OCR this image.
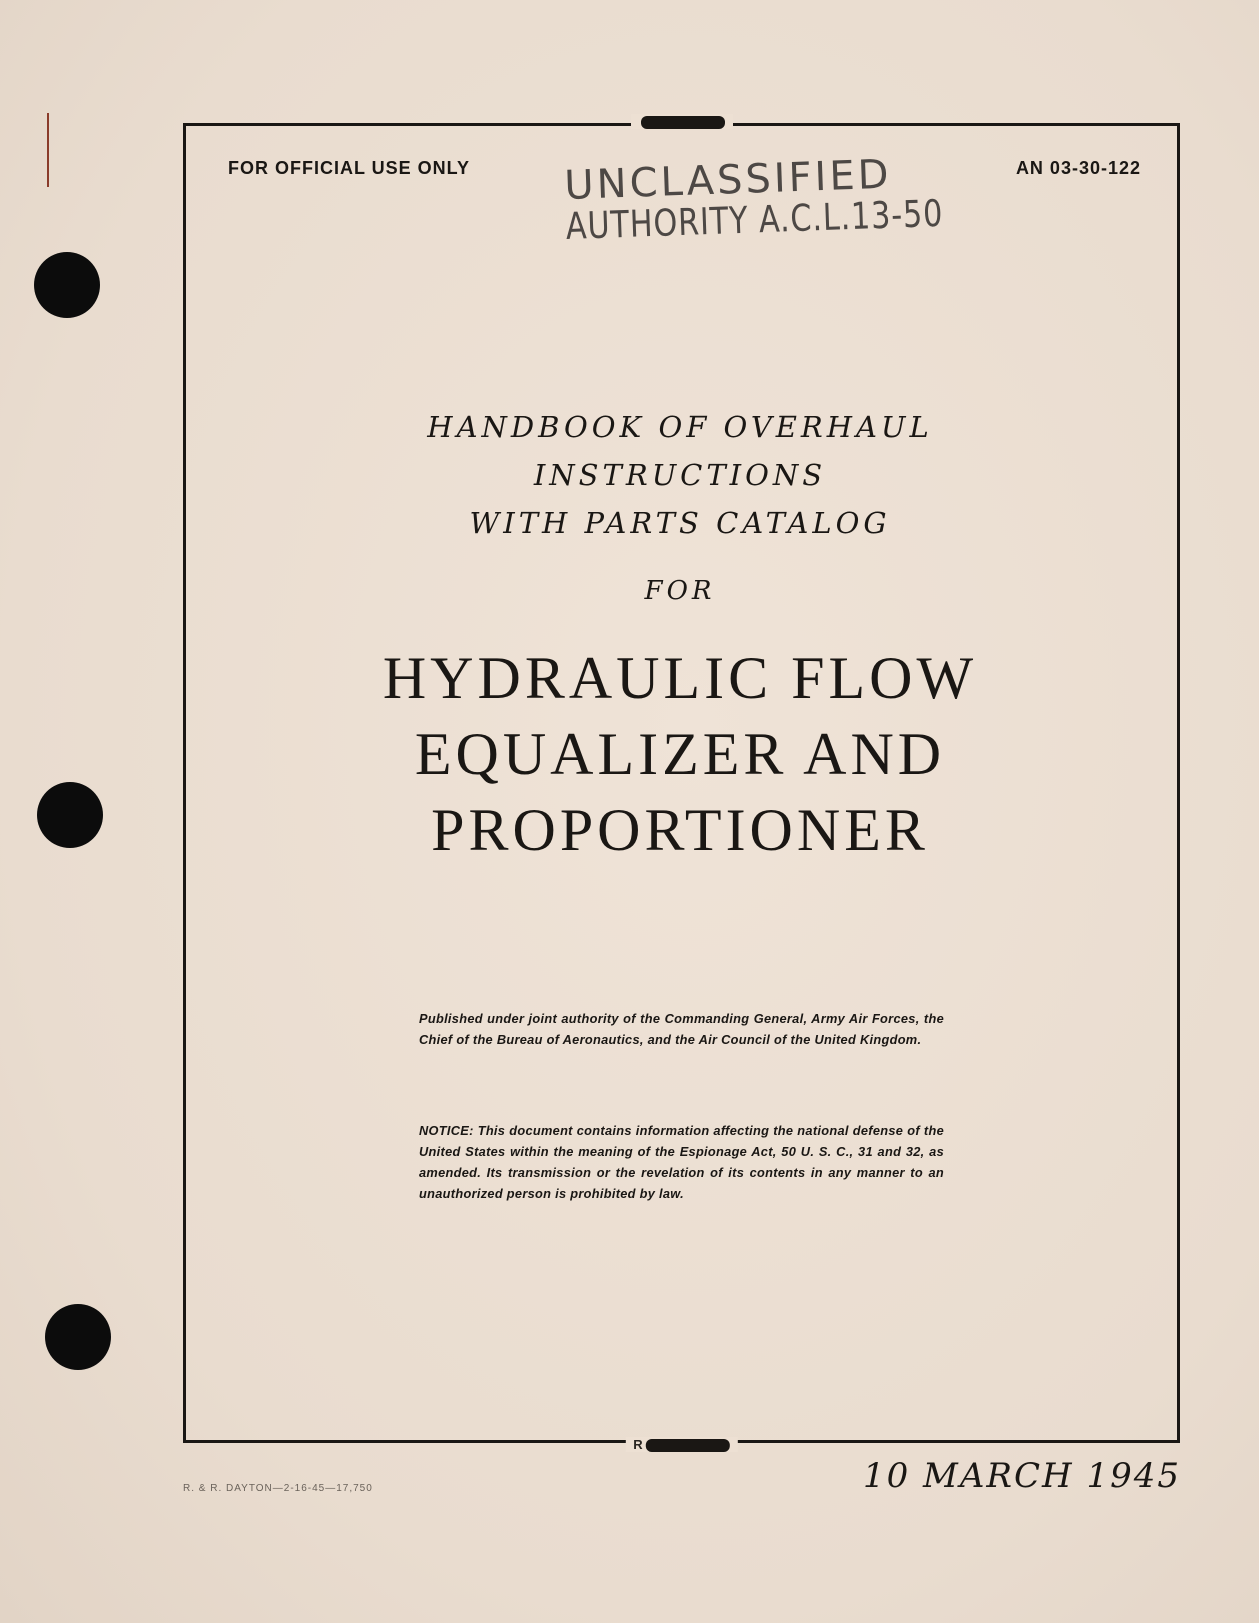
R
FOR OFFICIAL USE ONLY	AN 03-30-122
UNCLASSIFIED
AUTHORITY A.C.L.13-50
HANDBOOK OF OVERHAUL
INSTRUCTIONS
WITH PARTS CATALOG
FOR
HYDRAULIC FLOW
EQUALIZER AND
PROPORTIONER
Published under joint authority of the Commanding General, Army Air Forces, the Chief of the Bureau of Aeronautics, and the Air Council of the United Kingdom.
NOTICE: This document contains information affecting the national defense of the United States within the meaning of the Espionage Act, 50 U. S. C., 31 and 32, as amended. Its transmission or the revelation of its contents in any manner to an unauthorized person is prohibited by law.
R. & R. DAYTON—2-16-45—17,750	10 MARCH 1945
